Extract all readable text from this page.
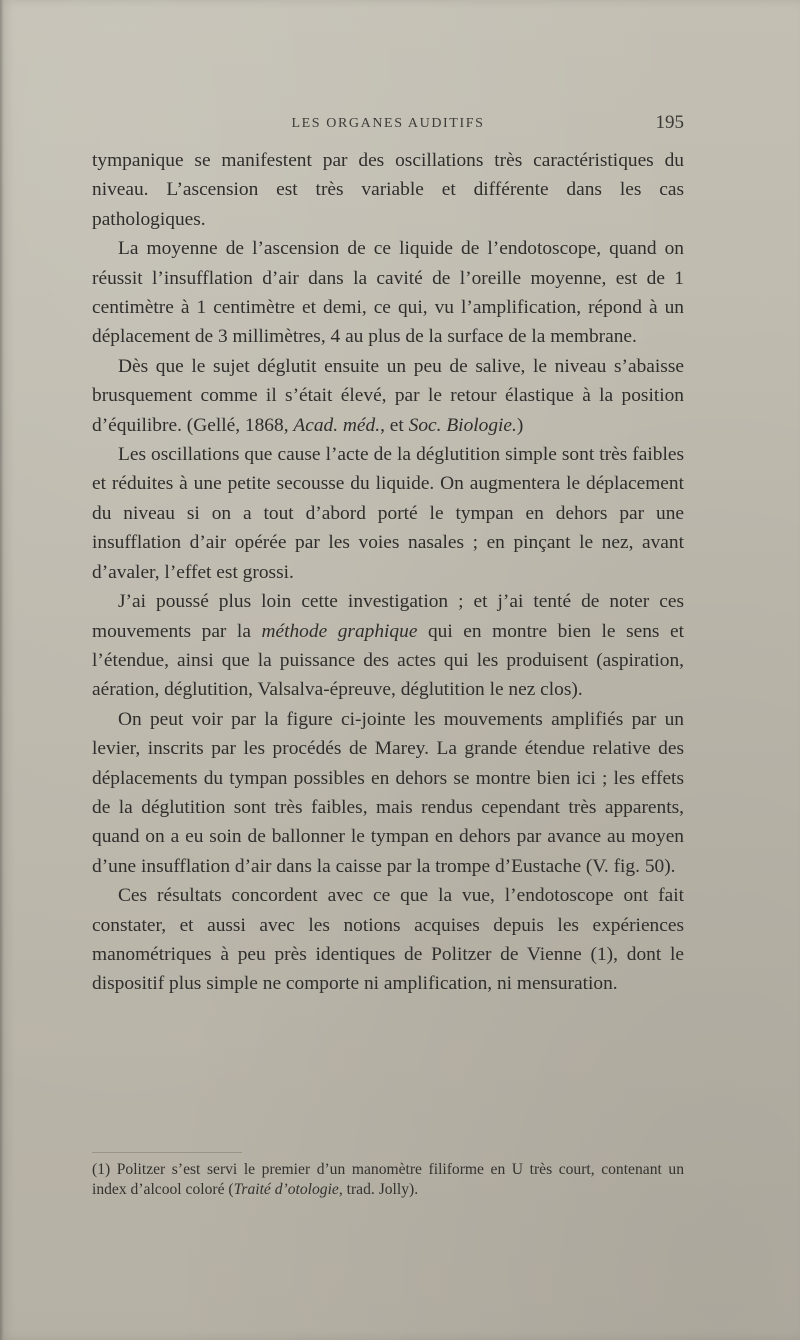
LES ORGANES AUDITIFS	195

tympanique se manifestent par des oscillations très caractéristiques du niveau. L’ascension est très variable et différente dans les cas pathologiques.

La moyenne de l’ascension de ce liquide de l’endotoscope, quand on réussit l’insufflation d’air dans la cavité de l’oreille moyenne, est de 1 centimètre à 1 centimètre et demi, ce qui, vu l’amplification, répond à un déplacement de 3 millimètres, 4 au plus de la surface de la membrane.

Dès que le sujet déglutit ensuite un peu de salive, le niveau s’abaisse brusquement comme il s’était élevé, par le retour élastique à la position d’équilibre. (Gellé, 1868, Acad. méd., et Soc. Biologie.)

Les oscillations que cause l’acte de la déglutition simple sont très faibles et réduites à une petite secousse du liquide. On augmentera le déplacement du niveau si on a tout d’abord porté le tympan en dehors par une insufflation d’air opérée par les voies nasales ; en pinçant le nez, avant d’avaler, l’effet est grossi.

J’ai poussé plus loin cette investigation ; et j’ai tenté de noter ces mouvements par la méthode graphique qui en montre bien le sens et l’étendue, ainsi que la puissance des actes qui les produisent (aspiration, aération, déglutition, Valsalva-épreuve, déglutition le nez clos).

On peut voir par la figure ci-jointe les mouvements amplifiés par un levier, inscrits par les procédés de Marey. La grande étendue relative des déplacements du tympan possibles en dehors se montre bien ici ; les effets de la déglutition sont très faibles, mais rendus cependant très apparents, quand on a eu soin de ballonner le tympan en dehors par avance au moyen d’une insufflation d’air dans la caisse par la trompe d’Eustache (V. fig. 50).

Ces résultats concordent avec ce que la vue, l’endotoscope ont fait constater, et aussi avec les notions acquises depuis les expériences manométriques à peu près identiques de Politzer de Vienne (1), dont le dispositif plus simple ne comporte ni amplification, ni mensuration.

(1) Politzer s’est servi le premier d’un manomètre filiforme en U très court, contenant un index d’alcool coloré (Traité d’otologie, trad. Jolly).
